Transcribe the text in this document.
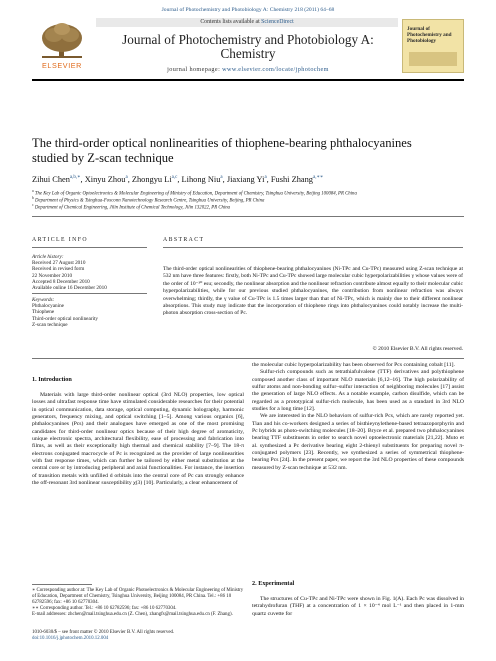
Journal of Photochemistry and Photobiology A: Chemistry 218 (2011) 64–68
Contents lists available at ScienceDirect
ELSEVIER
Journal of Photochemistry and Photobiology A:
Chemistry
journal homepage: www.elsevier.com/locate/jphotochem
Journal of Photochemistry and Photobiology
The third-order optical nonlinearities of thiophene-bearing phthalocyanines
studied by Z-scan technique
Zihui Chen$^{a,b,∗}$, Xinyu Zhou$^a$, Zhongyu Li$^{a,c}$, Lihong Niu$^a$, Jiaxiang Yi$^a$, Fushi Zhang$^{a,∗∗}$
$^a$ The Key Lab of Organic Optoelectronics & Molecular Engineering of Ministry of Education, Department of Chemistry, Tsinghua University, Beijing 100084, PR China
$^b$ Department of Physics & Tsinghua-Foxconn Nanotechnology Research Centre, Tsinghua University, Beijing, PR China
$^c$ Department of Chemical Engineering, Jilin Institute of Chemical Technology, Jilin 132022, PR China
ARTICLE INFO
Article history:
Received 27 August 2010
Received in revised form
22 November 2010
Accepted 8 December 2010
Available online 16 December 2010
Keywords:
Phthalocyanine
Thiophene
Third-order optical nonlinearity
Z-scan technique
ABSTRACT
The third-order optical nonlinearities of thiophene-bearing phthalocyanines (Ni-TPc and Cu-TPc) measured using Z-scan technique at 532 nm have three features: firstly, both Ni-TPc and Cu-TPc showed large molecular cubic hyperpolarizabilities γ whose values were of the order of 10⁻³⁰ esu; secondly, the nonlinear absorption and the nonlinear refraction contribute almost equally to their molecular cubic hyperpolarizabilities, while for our previous studied phthalocyanines, the contribution from nonlinear refraction was always overwhelming; thirdly, the γ value of Cu-TPc is 1.5 times larger than that of Ni-TPc, which is mainly due to their different nonlinear absorptions. This study may indicate that the incorporation of thiophene rings into phthalocyanines could notably increase the multi-photon absorption cross-section of Pc.
© 2010 Elsevier B.V. All rights reserved.
1. Introduction

Materials with large third-order nonlinear optical (3rd NLO) properties, low optical losses and ultrafast response time have stimulated considerable researches for their potential in optical communication, data storage, optical computing, dynamic holography, harmonic generators, frequency mixing, and optical switching [1–5]. Among various organics [6], phthalocyanines (Pcs) and their analogues have emerged as one of the most promising candidates for third-order nonlinear optics because of their high degree of aromaticity, unique electronic spectra, architectural flexibility, ease of processing and fabrication into films, as well as their exceptionally high thermal and chemical stability [7–9]. The 18-π electrons conjugated macrocycle of Pc is recognized as the provider of large nonlinearities with fast response times, which can further be tailored by either metal substitution at the central core or by introducing peripheral and axial functionalities. For instance, the insertion of transition metals with unfilled d orbitals into the central core of Pc can strongly enhance the off-resonant 3rd nonlinear susceptibility χ(3) [10]. Particularly, a clear enhancement of

the molecular cubic hyperpolarizability has been observed for Pcs containing cobalt [11].

Sulfur-rich compounds such as tetrathiafulvalene (TTF) derivatives and polythiophene composed another class of important NLO materials [6,12–16]. The high polarizability of sulfur atoms and non-bonding sulfur–sulfur interaction of neighboring molecules [17] assist the generation of large NLO effects. As a notable example, carbon disulfide, which can be regarded as a prototypical sulfur-rich molecule, has been used as a standard in 3rd NLO studies for a long time [12].

We are interested in the NLO behaviors of sulfur-rich Pcs, which are rarely reported yet. Tian and his co-workers designed a series of bisthieynylethene-based tetraazoporphyrin and Pc hybrids as photo-switching molecules [18–20]. Bryce et al. prepared two phthalocyanines bearing TTF substituents in order to search novel optoelectronic materials [21,22]. Muto et al. synthesized a Pc derivative bearing eight 2-thienyl substituents for preparing novel π-conjugated polymers [23]. Recently, we synthesized a series of symmetrical thiophene-bearing Pcs [24]. In the present paper, we report the 3rd NLO properties of these compounds measured by Z-scan technique at 532 nm.

2. Experimental

The structures of Cu-TPc and Ni-TPc were shown in Fig. 1(A). Each Pc was dissolved in tetrahydrofuran (THF) at a concentration of 1 × 10⁻⁴ mol L⁻¹ and then placed in 1-mm quartz cuvette for

∗ Corresponding author at: The Key Lab of Organic Photoelectronics & Molecular Engineering of Ministry of Education, Department of Chemistry, Tsinghua University, Beijing 100084, PR China. Tel.: +86 10 62782596; fax: +86 10 62770304.
∗∗ Corresponding author. Tel.: +86 10 62782596; fax: +86 10 62770304.
E-mail addresses: zhchen@mail.tsinghua.edu.cn (Z. Chen), zhangfs@mail.tsinghua.edu.cn (F. Zhang).
1010-6030/$ – see front matter © 2010 Elsevier B.V. All rights reserved.
doi:10.1016/j.jphotochem.2010.12.004
